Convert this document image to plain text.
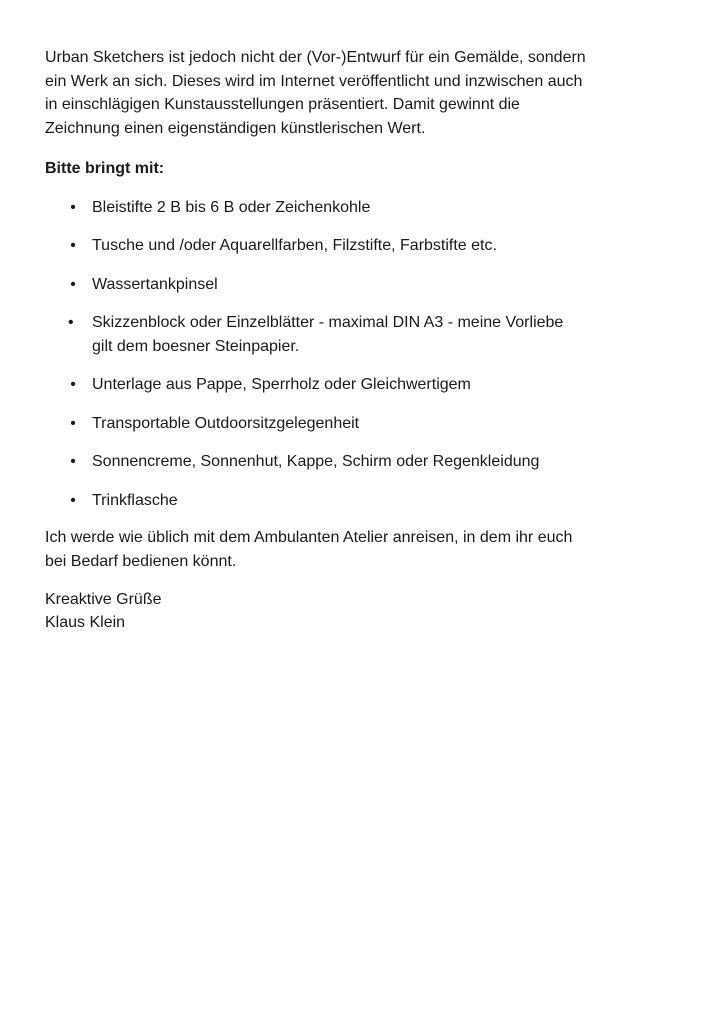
Urban Sketchers ist jedoch nicht der (Vor-)Entwurf für ein Gemälde, sondern
ein Werk an sich. Dieses wird im Internet veröffentlicht und inzwischen auch
in einschlägigen Kunstausstellungen präsentiert. Damit gewinnt die
Zeichnung einen eigenständigen künstlerischen Wert.

Bitte bringt mit:

• Bleistifte 2 B bis 6 B oder Zeichenkohle
• Tusche und /oder Aquarellfarben, Filzstifte, Farbstifte etc.
• Wassertankpinsel
• Skizzenblock oder Einzelblätter - maximal DIN A3 - meine Vorliebe
gilt dem boesner Steinpapier.
• Unterlage aus Pappe, Sperrholz oder Gleichwertigem
• Transportable Outdoorsitzgelegenheit
• Sonnencreme, Sonnenhut, Kappe, Schirm oder Regenkleidung
• Trinkflasche

Ich werde wie üblich mit dem Ambulanten Atelier anreisen, in dem ihr euch
bei Bedarf bedienen könnt.

Kreaktive Grüße

Klaus Klein
